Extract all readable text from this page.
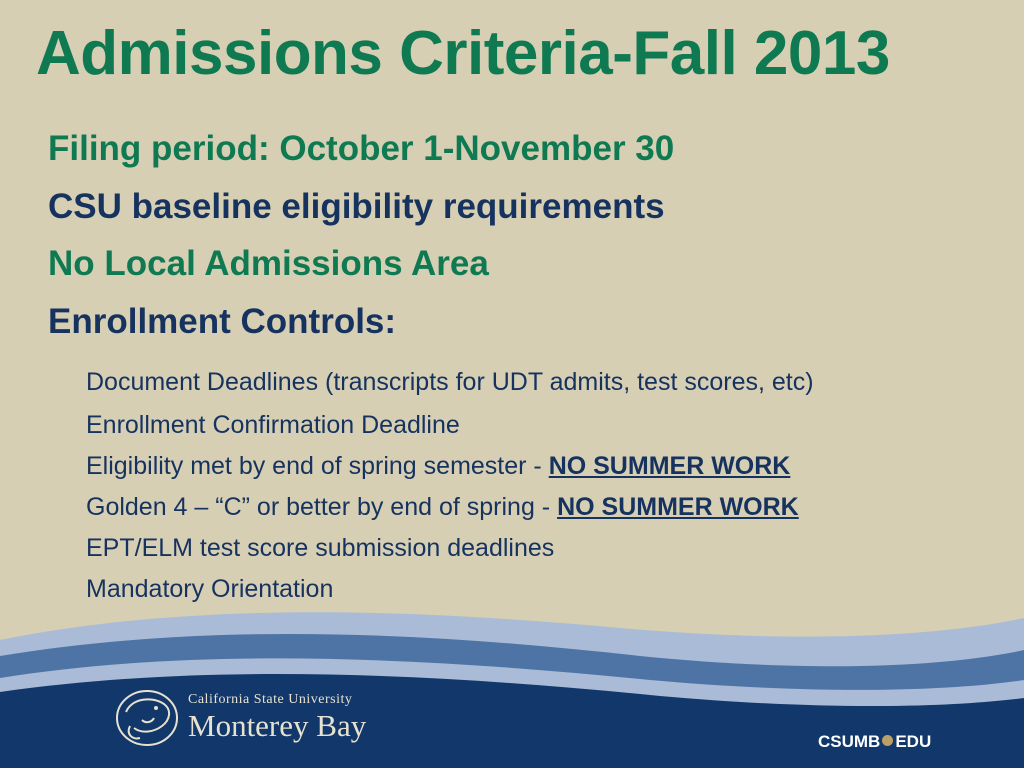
Admissions Criteria-Fall 2013
Filing period: October 1-November 30
CSU baseline eligibility requirements
No Local Admissions Area
Enrollment Controls:
Document Deadlines (transcripts for UDT admits, test scores, etc)
Enrollment Confirmation Deadline
Eligibility met by end of spring semester - NO SUMMER WORK
Golden 4 – “C” or better by end of spring - NO SUMMER WORK
EPT/ELM test score submission deadlines
Mandatory Orientation
California State University
Monterey Bay	CSUMB EDU
